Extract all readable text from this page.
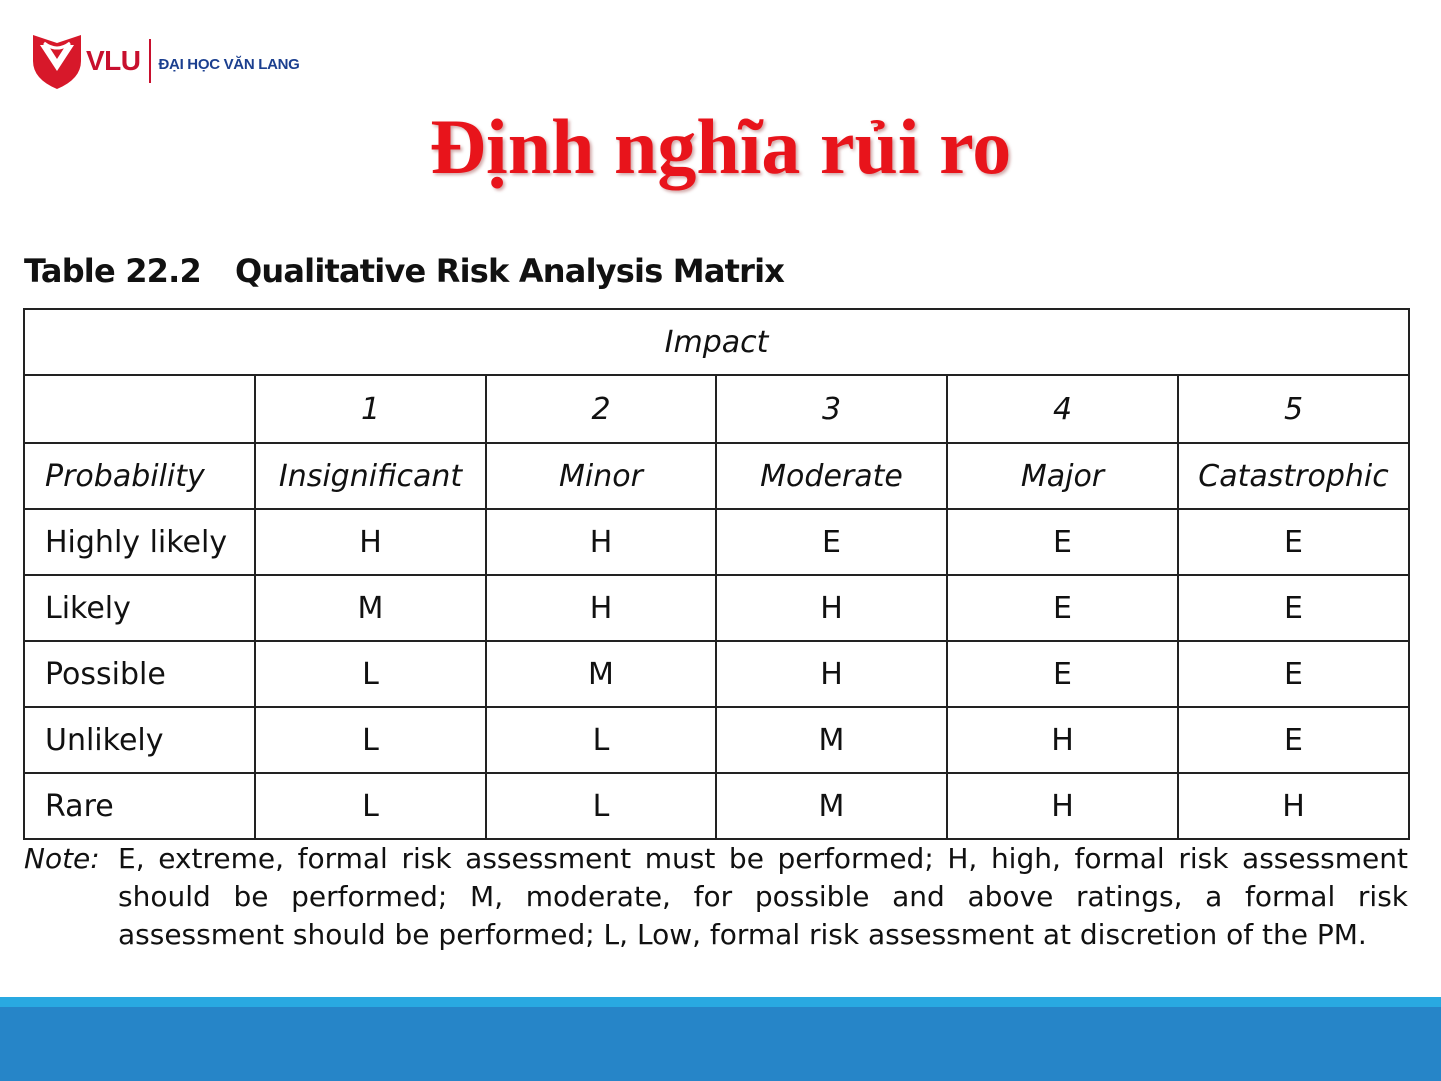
VLU ĐẠI HỌC VĂN LANG
Định nghĩa rủi ro
Table 22.2 Qualitative Risk Analysis Matrix
Impact					
	1	2	3	4	5
Probability	Insignificant	Minor	Moderate	Major	Catastrophic
Highly likely	H	H	E	E	E
Likely	M	H	H	E	E
Possible	L	M	H	E	E
Unlikely	L	L	M	H	E
Rare	L	L	M	H	H
Note: E, extreme, formal risk assessment must be performed; H, high, formal risk assessment should be performed; M, moderate, for possible and above ratings, a formal risk assessment should be performed; L, Low, formal risk assessment at discretion of the PM.
